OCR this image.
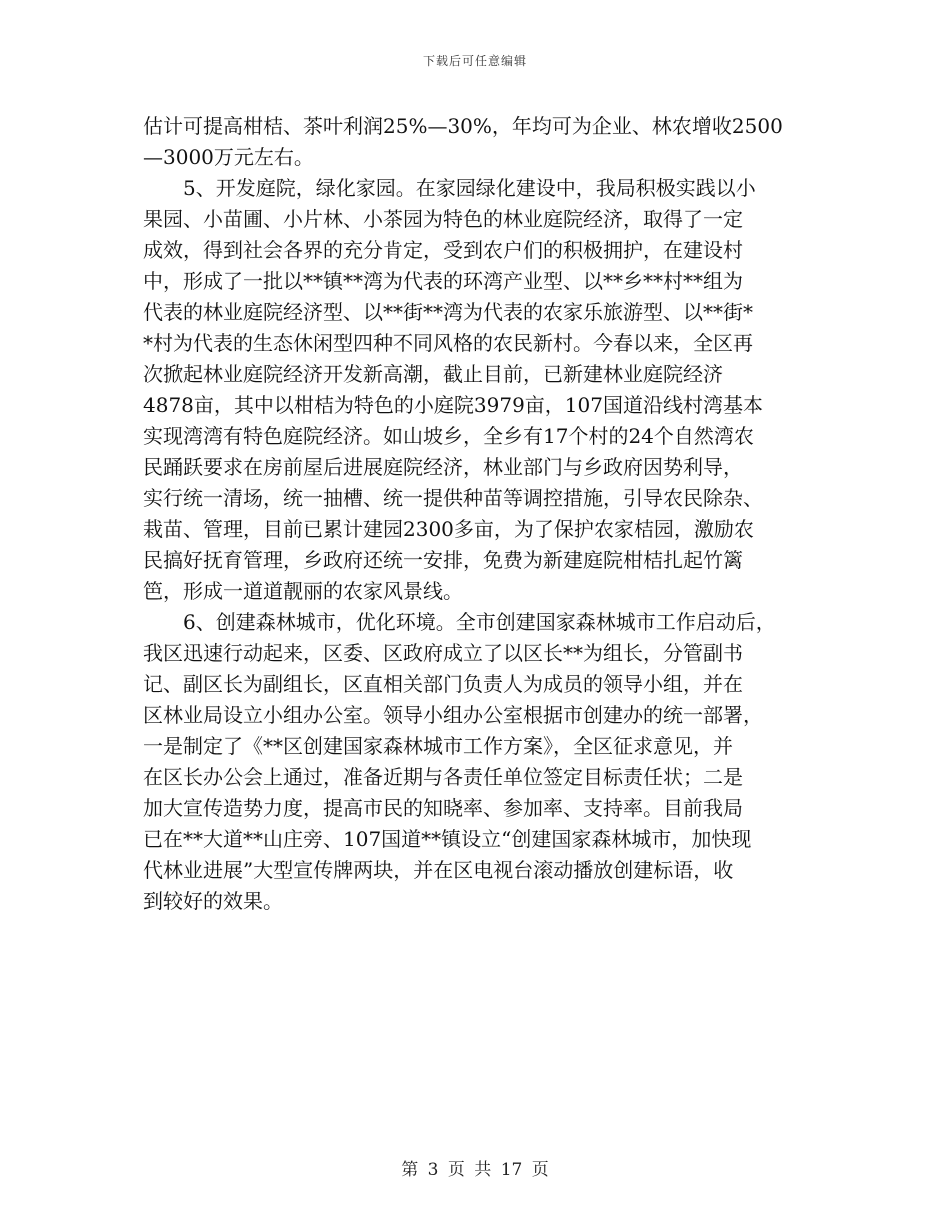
下载后可任意编辑
估计可提高柑桔、茶叶利润25%—30%，年均可为企业、林农增收2500
—3000万元左右。
　　5、开发庭院，绿化家园。在家园绿化建设中，我局积极实践以小
果园、小苗圃、小片林、小茶园为特色的林业庭院经济，取得了一定
成效，得到社会各界的充分肯定，受到农户们的积极拥护，在建设村
中，形成了一批以**镇**湾为代表的环湾产业型、以**乡**村**组为
代表的林业庭院经济型、以**街**湾为代表的农家乐旅游型、以**街*
*村为代表的生态休闲型四种不同风格的农民新村。今春以来，全区再
次掀起林业庭院经济开发新高潮，截止目前，已新建林业庭院经济
4878亩，其中以柑桔为特色的小庭院3979亩，107国道沿线村湾基本
实现湾湾有特色庭院经济。如山坡乡，全乡有17个村的24个自然湾农
民踊跃要求在房前屋后进展庭院经济，林业部门与乡政府因势利导，
实行统一清场，统一抽槽、统一提供种苗等调控措施，引导农民除杂、
栽苗、管理，目前已累计建园2300多亩，为了保护农家桔园，激励农
民搞好抚育管理，乡政府还统一安排，免费为新建庭院柑桔扎起竹篱
笆，形成一道道靓丽的农家风景线。
　　6、创建森林城市，优化环境。全市创建国家森林城市工作启动后，
我区迅速行动起来，区委、区政府成立了以区长**为组长，分管副书
记、副区长为副组长，区直相关部门负责人为成员的领导小组，并在
区林业局设立小组办公室。领导小组办公室根据市创建办的统一部署，
一是制定了《**区创建国家森林城市工作方案》，全区征求意见，并
在区长办公会上通过，准备近期与各责任单位签定目标责任状；二是
加大宣传造势力度，提高市民的知晓率、参加率、支持率。目前我局
已在**大道**山庄旁、107国道**镇设立“创建国家森林城市，加快现
代林业进展”大型宣传牌两块，并在区电视台滚动播放创建标语，收
到较好的效果。
第 3 页 共 17 页
